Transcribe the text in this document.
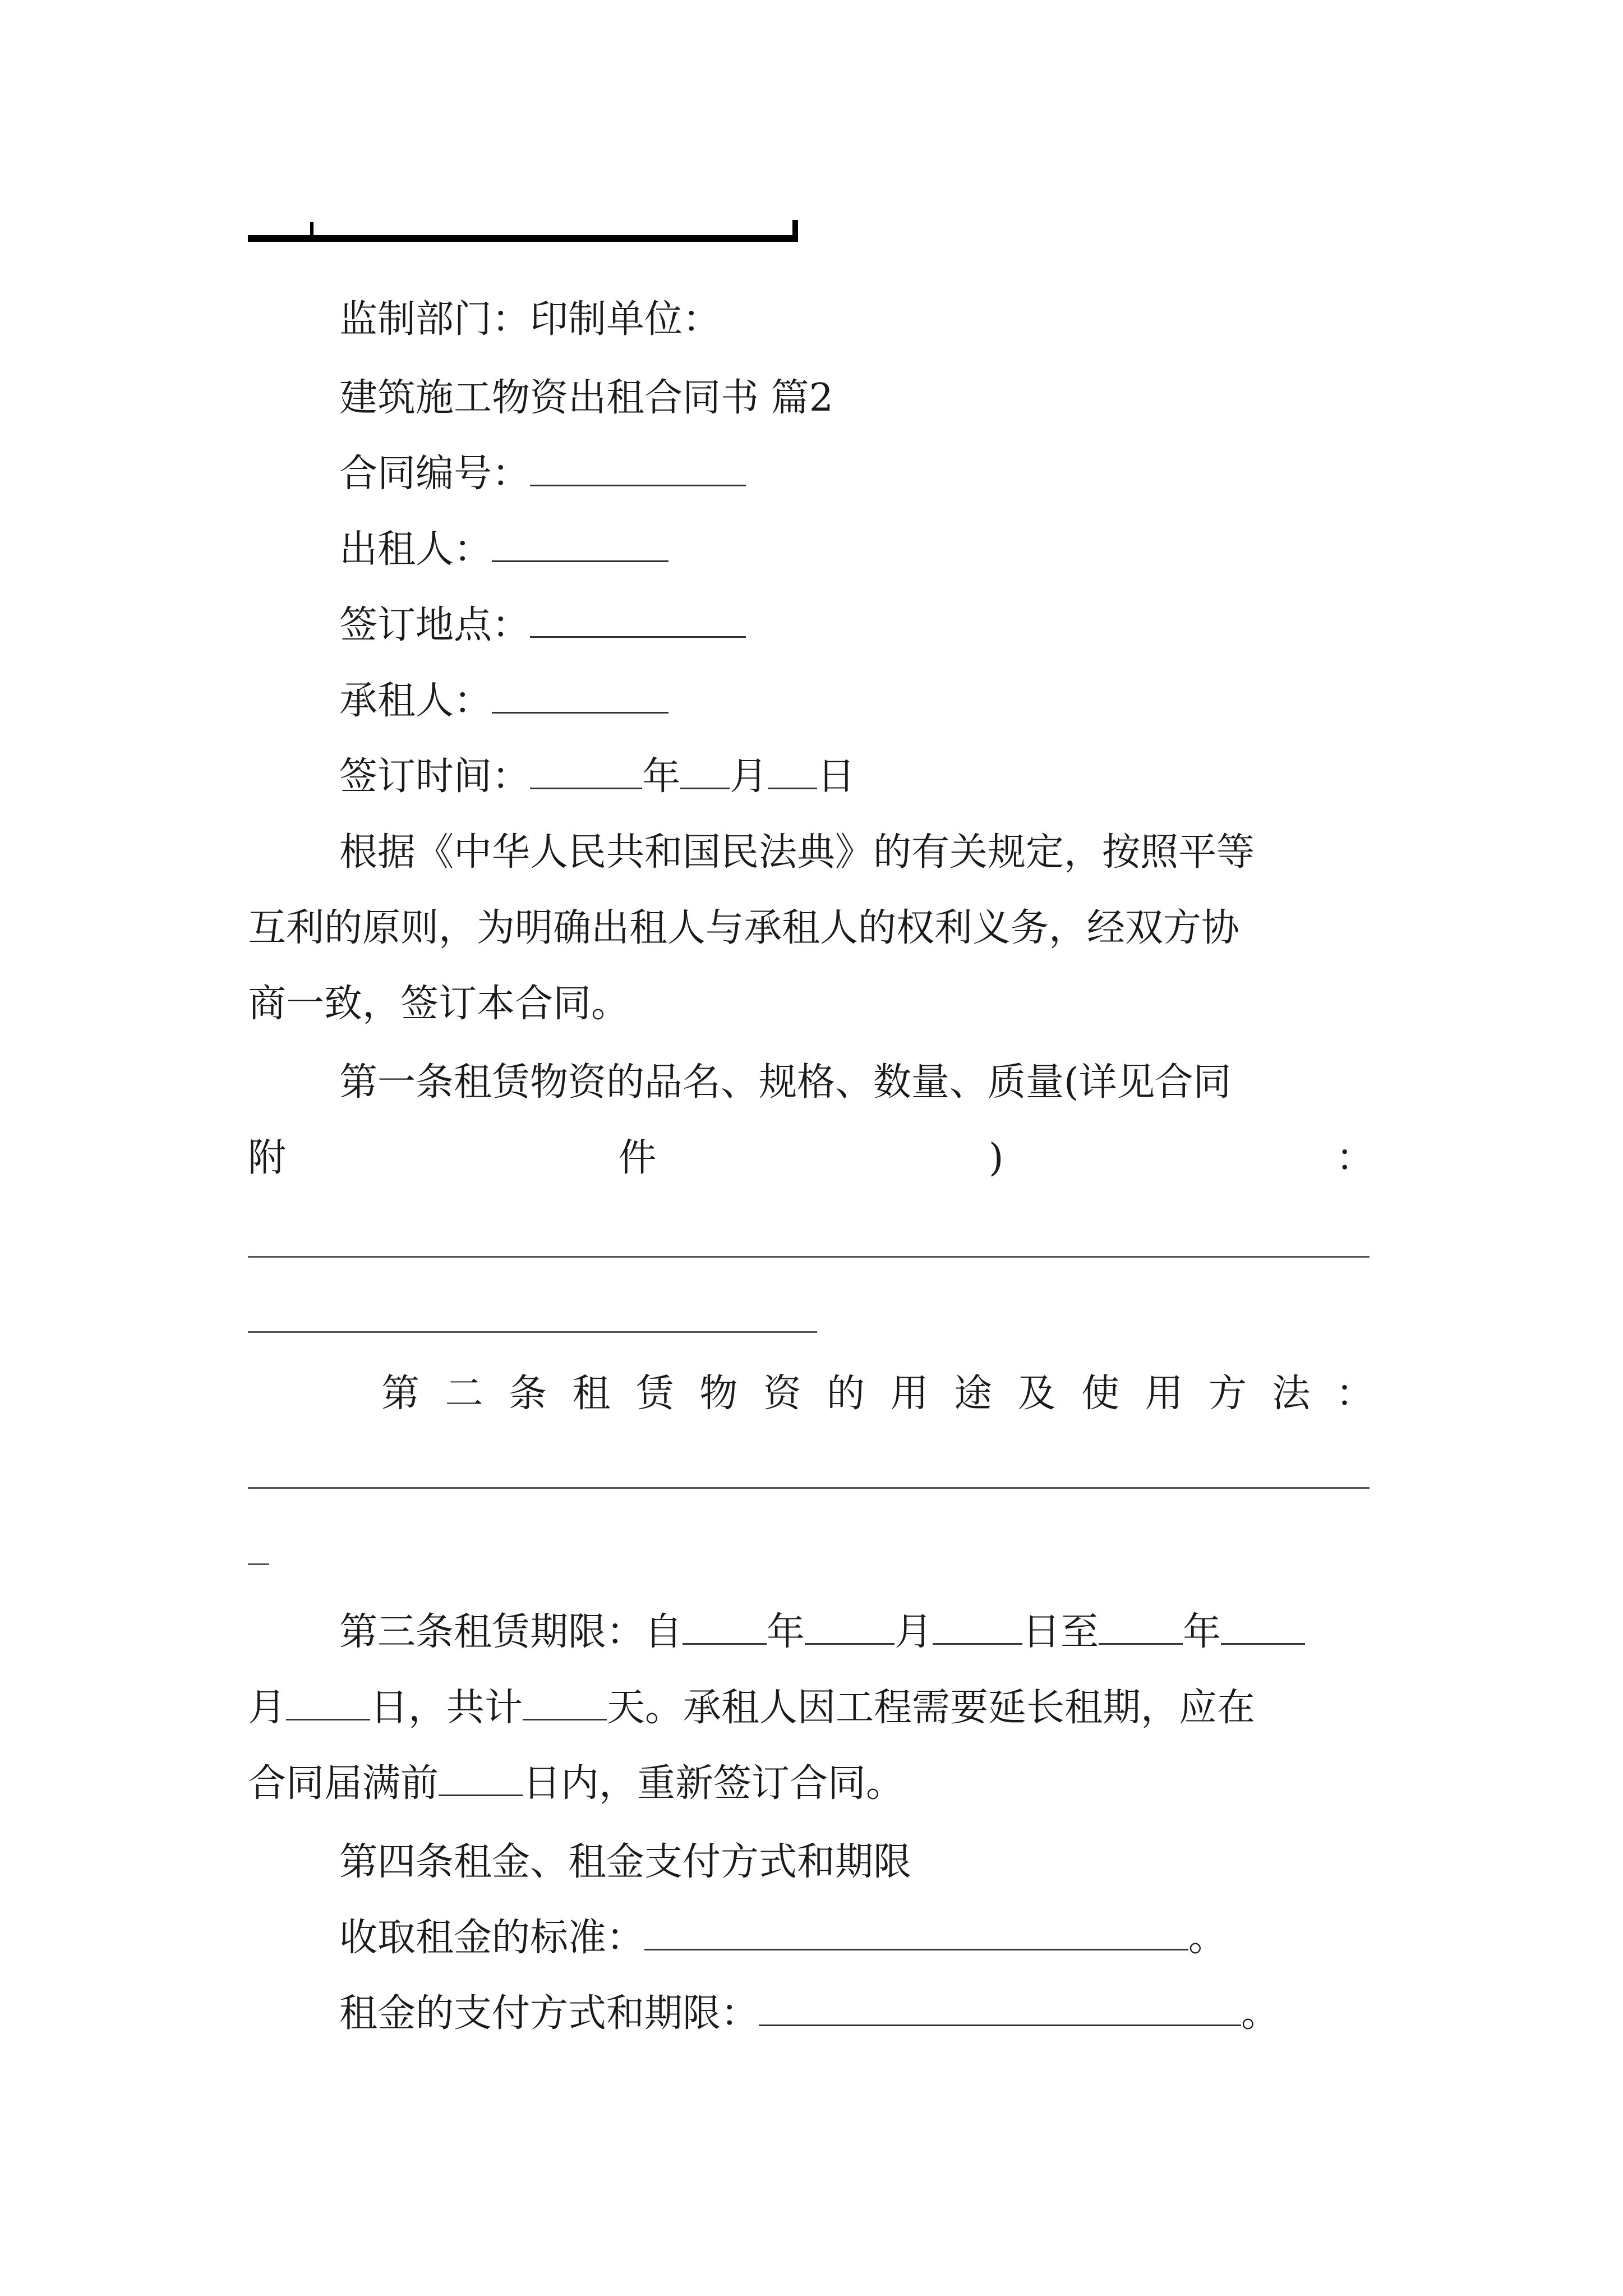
监制部门：印制单位：
建筑施工物资出租合同书 篇2
合同编号：
出租人：
签订地点：
承租人：
签订时间：	年 月 日
根据《中华人民共和国民法典》的有关规定，按照平等
互利的原则，为明确出租人与承租人的权利义务，经双方协
商一致，签订本合同。
第一条租赁物资的品名、规格、数量、质量(详见合同
附	件	)	：
第 二 条 租 赁 物 资 的 用 途 及 使 用 方 法 ：
第三条租赁期限：自 年 月 日至 年
月 日，共计 天。承租人因工程需要延长租期，应在
合同届满前 日内，重新签订合同。
第四条租金、租金支付方式和期限
收取租金的标准：	。
租金的支付方式和期限：	。
